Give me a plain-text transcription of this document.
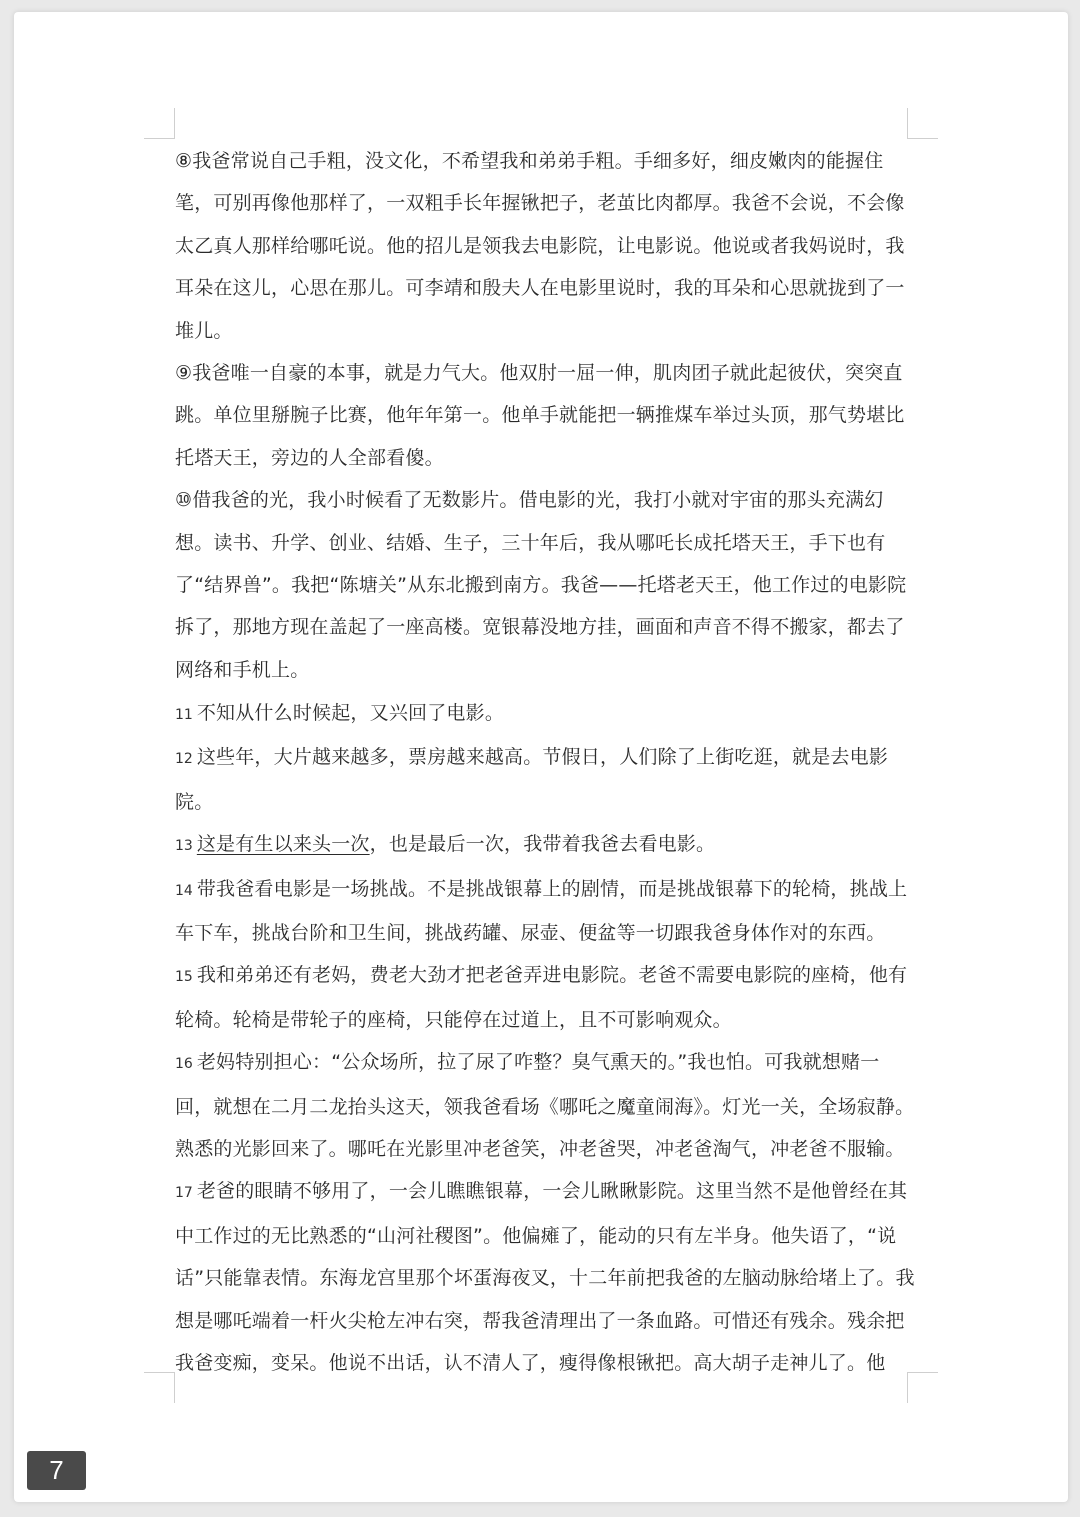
⑧我爸常说自己手粗，没文化，不希望我和弟弟手粗。手细多好，细皮嫩肉的能握住笔，可别再像他那样了，一双粗手长年握锹把子，老茧比肉都厚。我爸不会说，不会像太乙真人那样给哪吒说。他的招儿是领我去电影院，让电影说。他说或者我妈说时，我耳朵在这儿，心思在那儿。可李靖和殷夫人在电影里说时，我的耳朵和心思就拢到了一堆儿。

⑨我爸唯一自豪的本事，就是力气大。他双肘一屈一伸，肌肉团子就此起彼伏，突突直跳。单位里掰腕子比赛，他年年第一。他单手就能把一辆推煤车举过头顶，那气势堪比托塔天王，旁边的人全部看傻。

⑩借我爸的光，我小时候看了无数影片。借电影的光，我打小就对宇宙的那头充满幻想。读书、升学、创业、结婚、生子，三十年后，我从哪吒长成托塔天王，手下也有了“结界兽”。我把“陈塘关”从东北搬到南方。我爸——托塔老天王，他工作过的电影院拆了，那地方现在盖起了一座高楼。宽银幕没地方挂，画面和声音不得不搬家，都去了网络和手机上。

11 不知从什么时候起，又兴回了电影。

12 这些年，大片越来越多，票房越来越高。节假日，人们除了上街吃逛，就是去电影院。

13 这是有生以来头一次，也是最后一次，我带着我爸去看电影。

14 带我爸看电影是一场挑战。不是挑战银幕上的剧情，而是挑战银幕下的轮椅，挑战上车下车，挑战台阶和卫生间，挑战药罐、尿壶、便盆等一切跟我爸身体作对的东西。

15 我和弟弟还有老妈，费老大劲才把老爸弄进电影院。老爸不需要电影院的座椅，他有轮椅。轮椅是带轮子的座椅，只能停在过道上，且不可影响观众。

16 老妈特别担心：“公众场所，拉了尿了咋整？臭气熏天的。”我也怕。可我就想赌一回，就想在二月二龙抬头这天，领我爸看场《哪吒之魔童闹海》。灯光一关，全场寂静。熟悉的光影回来了。哪吒在光影里冲老爸笑，冲老爸哭，冲老爸淘气，冲老爸不服输。

17 老爸的眼睛不够用了，一会儿瞧瞧银幕，一会儿瞅瞅影院。这里当然不是他曾经在其中工作过的无比熟悉的“山河社稷图”。他偏瘫了，能动的只有左半身。他失语了，“说话”只能靠表情。东海龙宫里那个坏蛋海夜叉，十二年前把我爸的左脑动脉给堵上了。我想是哪吒端着一杆火尖枪左冲右突，帮我爸清理出了一条血路。可惜还有残余。残余把我爸变痴，变呆。他说不出话，认不清人了，瘦得像根锹把。高大胡子走神儿了。他

7
